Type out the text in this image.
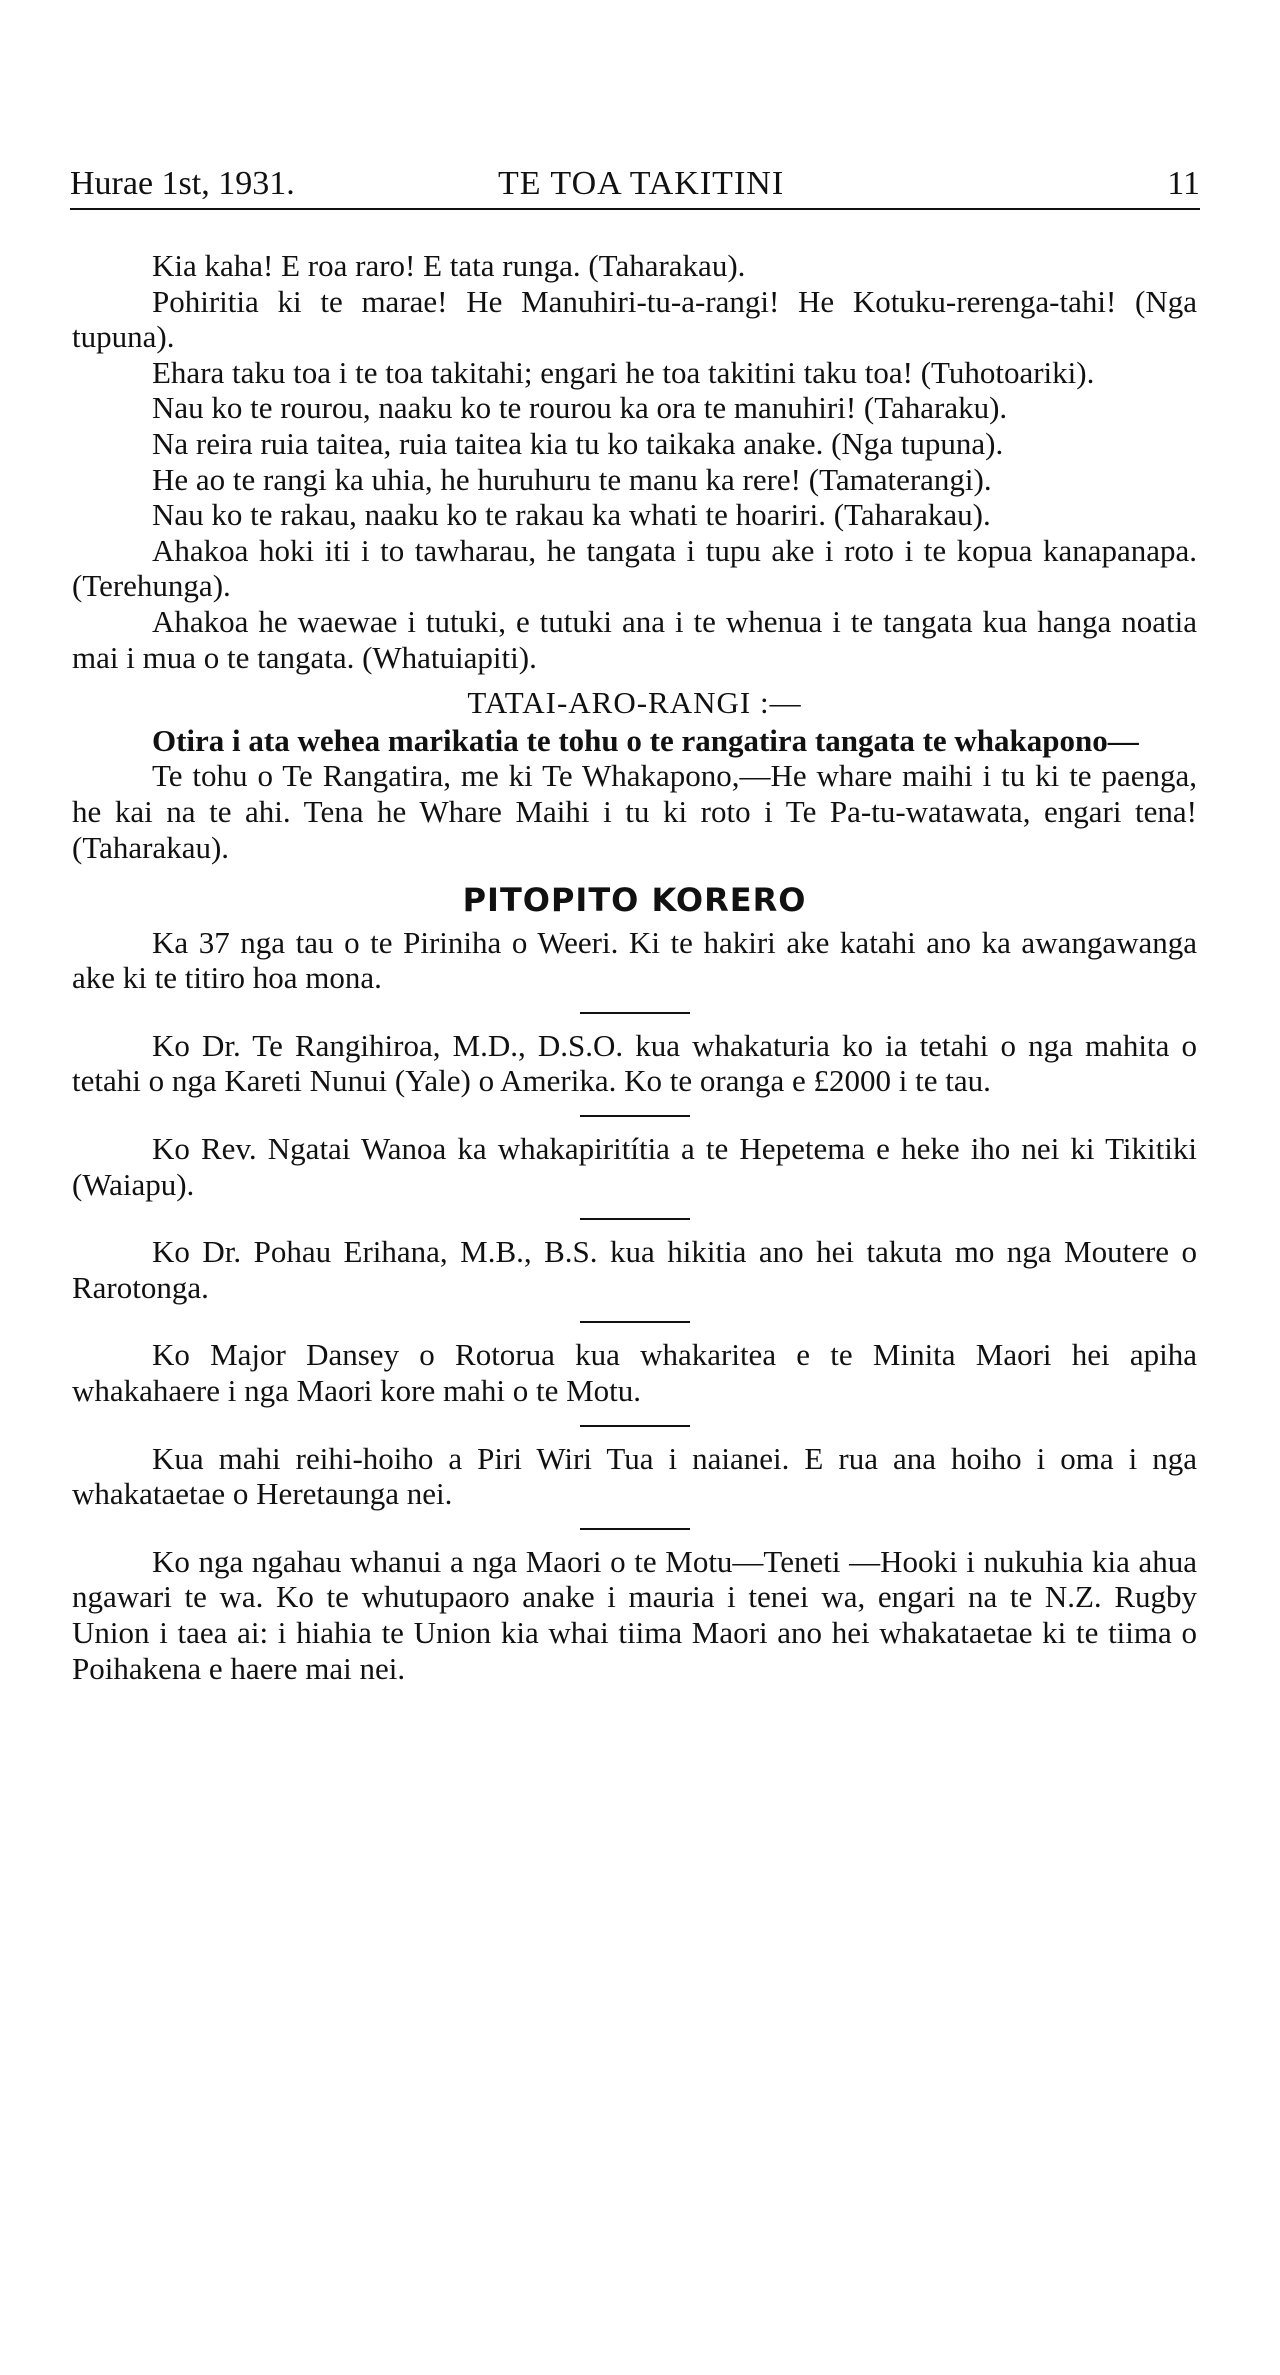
Hurae 1st, 1931.	TE TOA TAKITINI	11

Kia kaha! E roa raro! E tata runga. (Taharakau).

Pohiritia ki te marae! He Manuhiri-tu-a-rangi! He Kotuku-rerenga-tahi! (Nga tupuna).

Ehara taku toa i te toa takitahi; engari he toa takitini taku toa! (Tuhotoariki).

Nau ko te rourou, naaku ko te rourou ka ora te manuhiri! (Taharaku).

Na reira ruia taitea, ruia taitea kia tu ko taikaka anake. (Nga tupuna).

He ao te rangi ka uhia, he huruhuru te manu ka rere! (Tamaterangi).

Nau ko te rakau, naaku ko te rakau ka whati te hoariri. (Taharakau).

Ahakoa hoki iti i to tawharau, he tangata i tupu ake i roto i te kopua kanapanapa. (Terehunga).

Ahakoa he waewae i tutuki, e tutuki ana i te whenua i te tangata kua hanga noatia mai i mua o te tangata. (Whatuiapiti).

TATAI-ARO-RANGI :—

Otira i ata wehea marikatia te tohu o te rangatira tangata te whakapono—

Te tohu o Te Rangatira, me ki Te Whakapono,—He whare maihi i tu ki te paenga, he kai na te ahi. Tena he Whare Maihi i tu ki roto i Te Pa-tu-watawata, engari tena! (Taharakau).

PITOPITO KORERO

Ka 37 nga tau o te Piriniha o Weeri. Ki te hakiri ake katahi ano ka awangawanga ake ki te titiro hoa mona.

Ko Dr. Te Rangihiroa, M.D., D.S.O. kua whakaturia ko ia tetahi o nga mahita o tetahi o nga Kareti Nunui (Yale) o Amerika. Ko te oranga e £2000 i te tau.

Ko Rev. Ngatai Wanoa ka whakapiritítia a te Hepetema e heke iho nei ki Tikitiki (Waiapu).

Ko Dr. Pohau Erihana, M.B., B.S. kua hikitia ano hei takuta mo nga Moutere o Rarotonga.

Ko Major Dansey o Rotorua kua whakaritea e te Minita Maori hei apiha whakahaere i nga Maori kore mahi o te Motu.

Kua mahi reihi-hoiho a Piri Wiri Tua i naianei. E rua ana hoiho i oma i nga whakataetae o Heretaunga nei.

Ko nga ngahau whanui a nga Maori o te Motu—Teneti —Hooki i nukuhia kia ahua ngawari te wa. Ko te whutupaoro anake i mauria i tenei wa, engari na te N.Z. Rugby Union i taea ai: i hiahia te Union kia whai tiima Maori ano hei whakataetae ki te tiima o Poihakena e haere mai nei.
